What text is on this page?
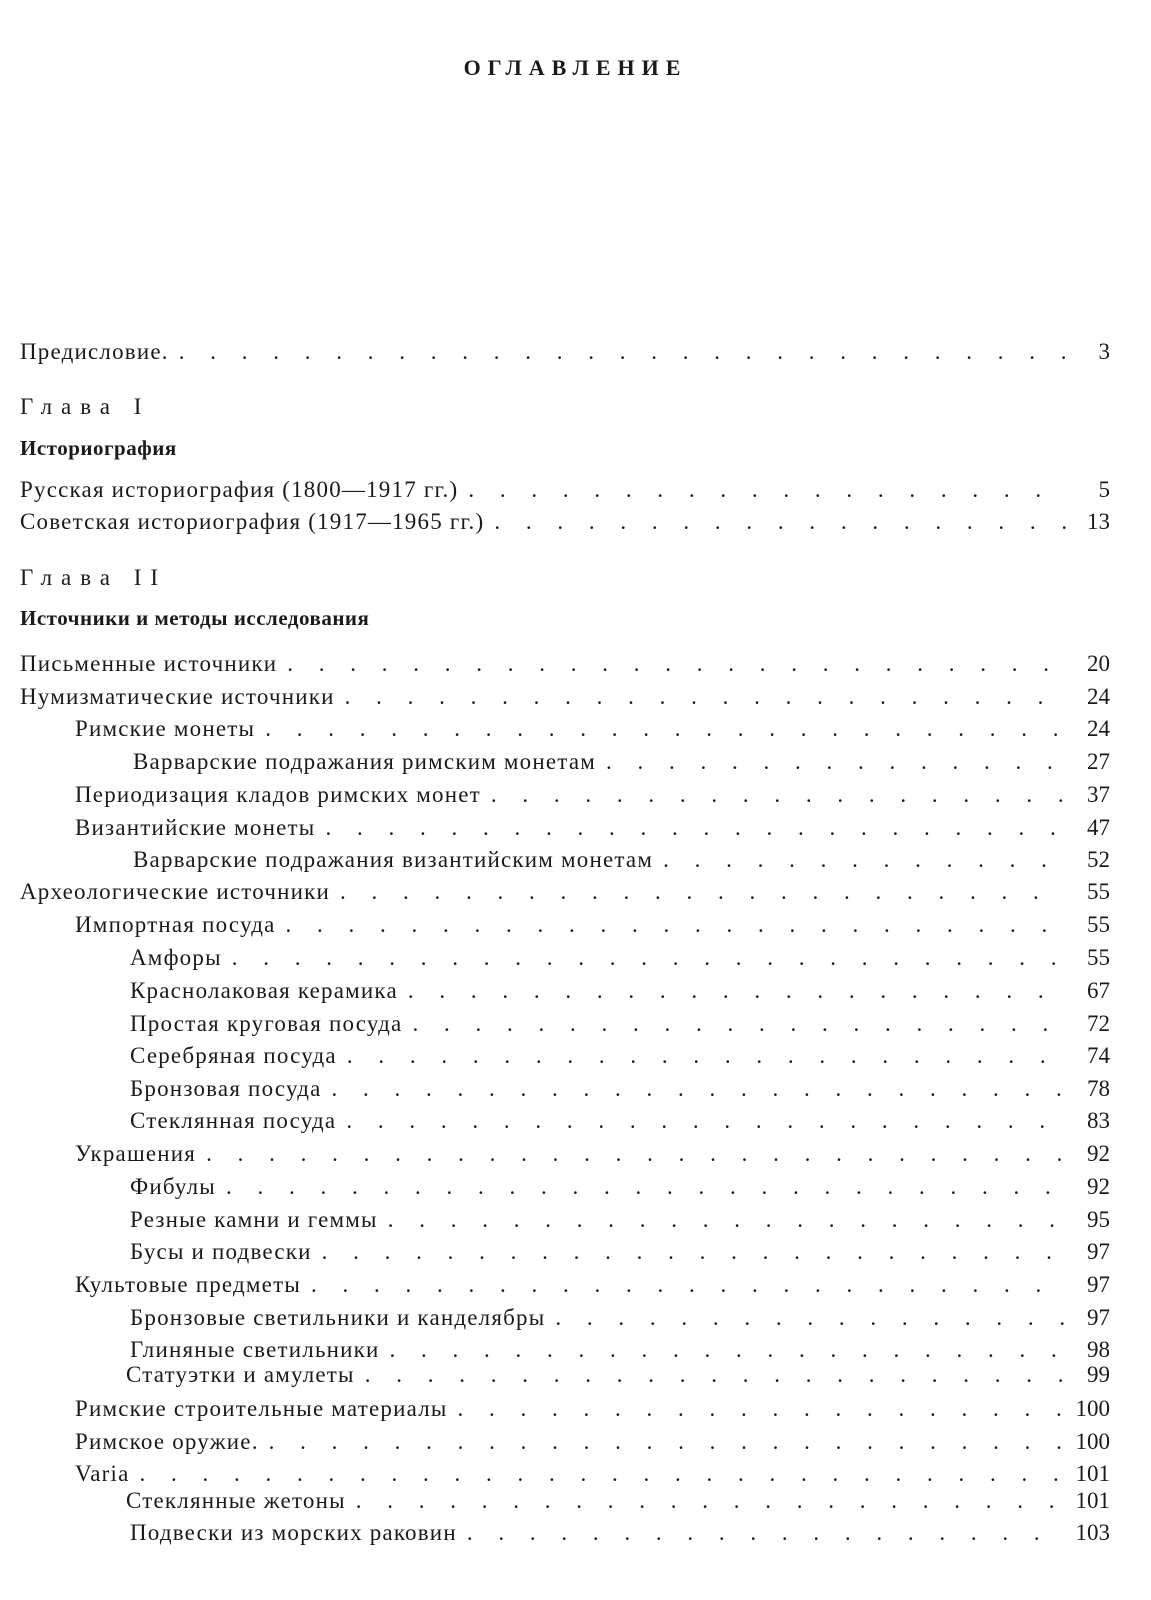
ОГЛАВЛЕНИЕ
Предисловие. . . .	3
Глава I
Историография
Русская историография (1800—1917 гг.) . . .	5
Советская историография (1917—1965 гг.) . . .	13
Глава II
Источники и методы исследования
Письменные источники . . .	20
Нумизматические источники . . .	24
Римские монеты . . .	24
Варварские подражания римским монетам . . .	27
Периодизация кладов римских монет . . .	37
Византийские монеты . . .	47
Варварские подражания византийским монетам . . .	52
Археологические источники . . .	55
Импортная посуда . . .	55
Амфоры . . .	55
Краснолаковая керамика . . .	67
Простая круговая посуда . . .	72
Серебряная посуда . . .	74
Бронзовая посуда . . .	78
Стеклянная посуда . . .	83
Украшения . . .	92
Фибулы . . .	92
Резные камни и геммы . . .	95
Бусы и подвески . . .	97
Культовые предметы . . .	97
Бронзовые светильники и канделябры . . .	97
Глиняные светильники . . .	98
Статуэтки и амулеты . . .	99
Римские строительные материалы . . .	100
Римское оружие. . . .	100
Varia . . .	101
Стеклянные жетоны . . .	101
Подвески из морских раковин . . .	103
